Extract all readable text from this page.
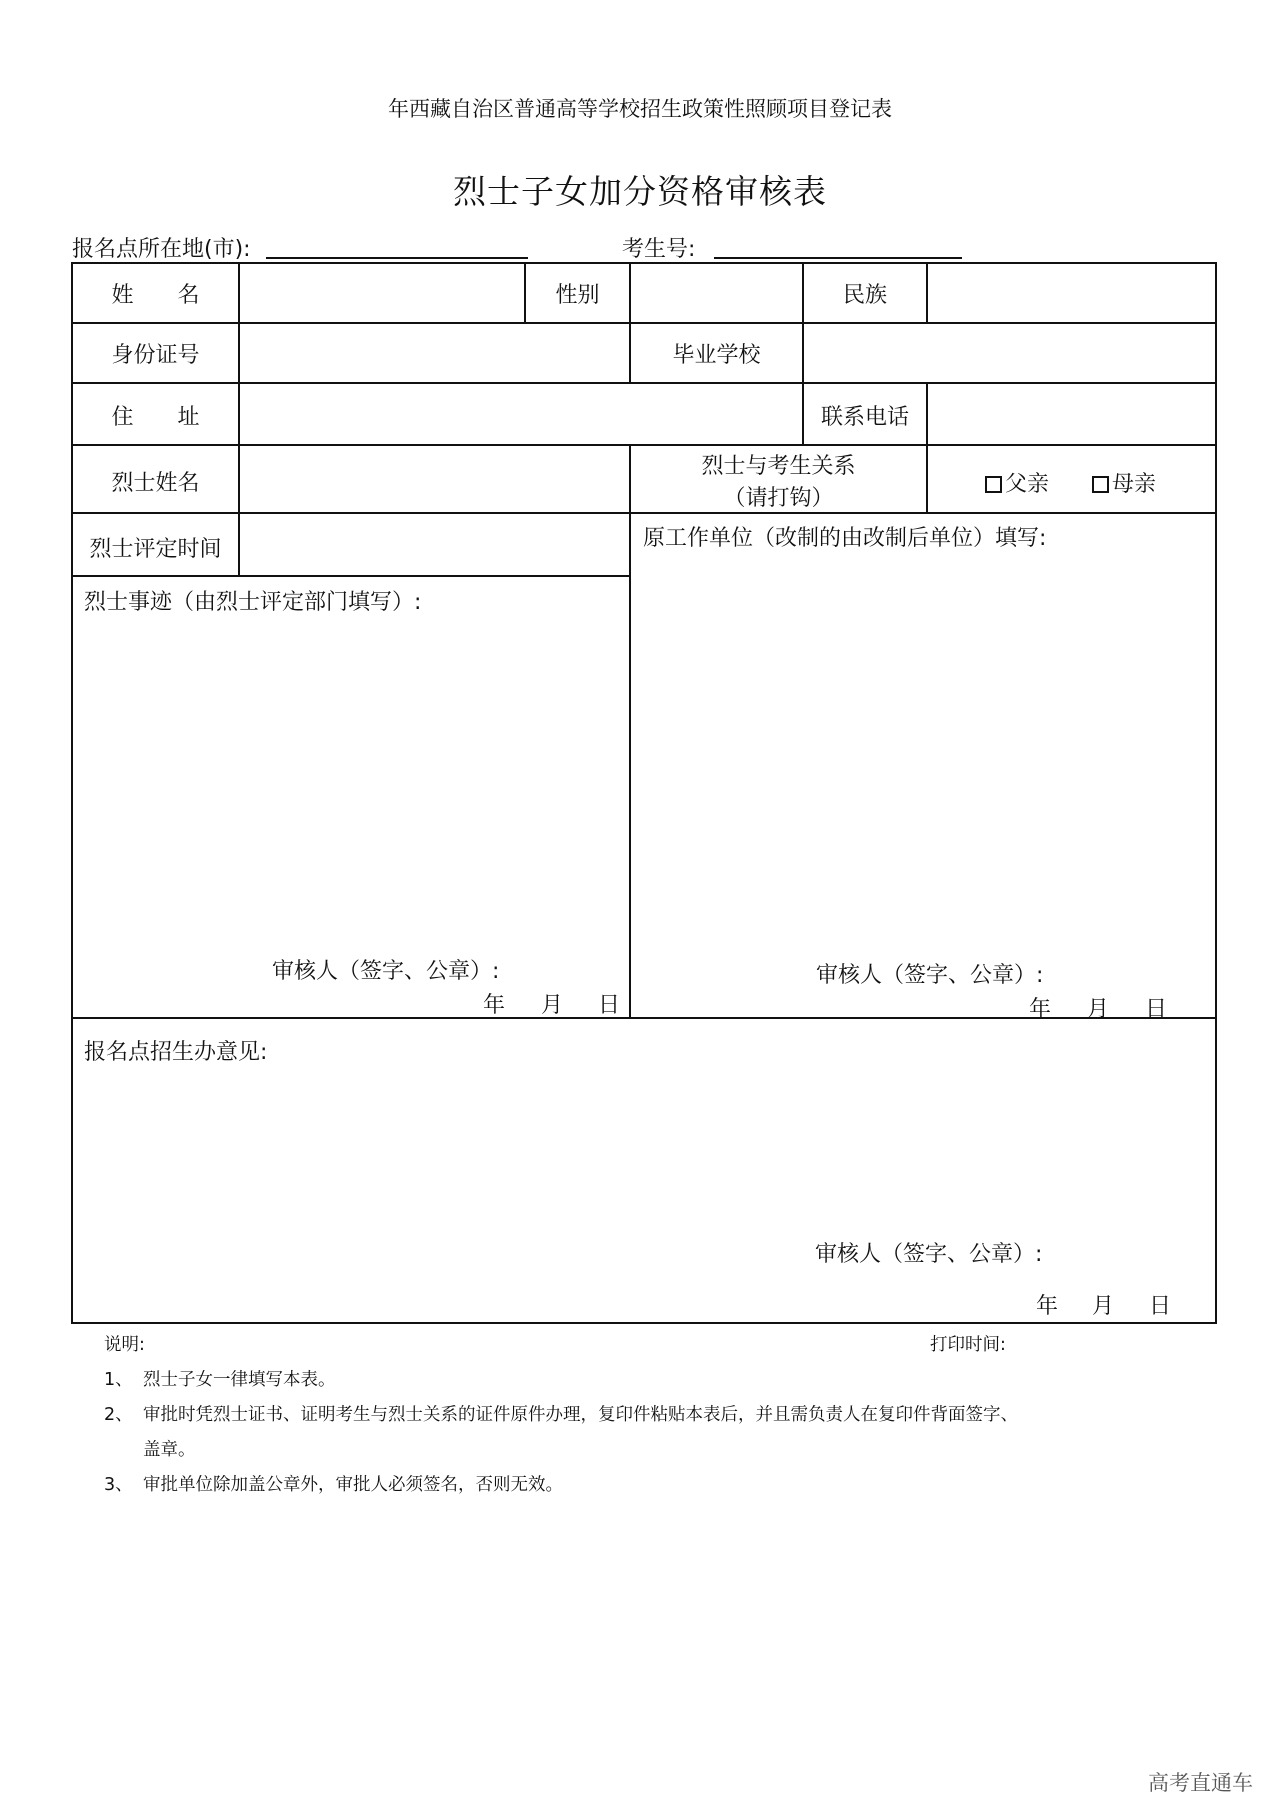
年西藏自治区普通高等学校招生政策性照顾项目登记表
烈士子女加分资格审核表
报名点所在地(市):	考生号:
姓　　名	性别	民族
身份证号	毕业学校
住　　址	联系电话
烈士姓名
烈士与考生关系
（请打钩）
父亲	母亲
烈士评定时间	原工作单位（改制的由改制后单位）填写:
烈士事迹（由烈士评定部门填写）:
审核人（签字、公章）:
年 月 日
审核人（签字、公章）:
年 月 日
报名点招生办意见:
审核人（签字、公章）:
年 月 日
说明:	打印时间:
1、 烈士子女一律填写本表。
2、 审批时凭烈士证书、证明考生与烈士关系的证件原件办理，复印件粘贴本表后，并且需负责人在复印件背面签字、
盖章。
3、 审批单位除加盖公章外，审批人必须签名，否则无效。
高考直通车
